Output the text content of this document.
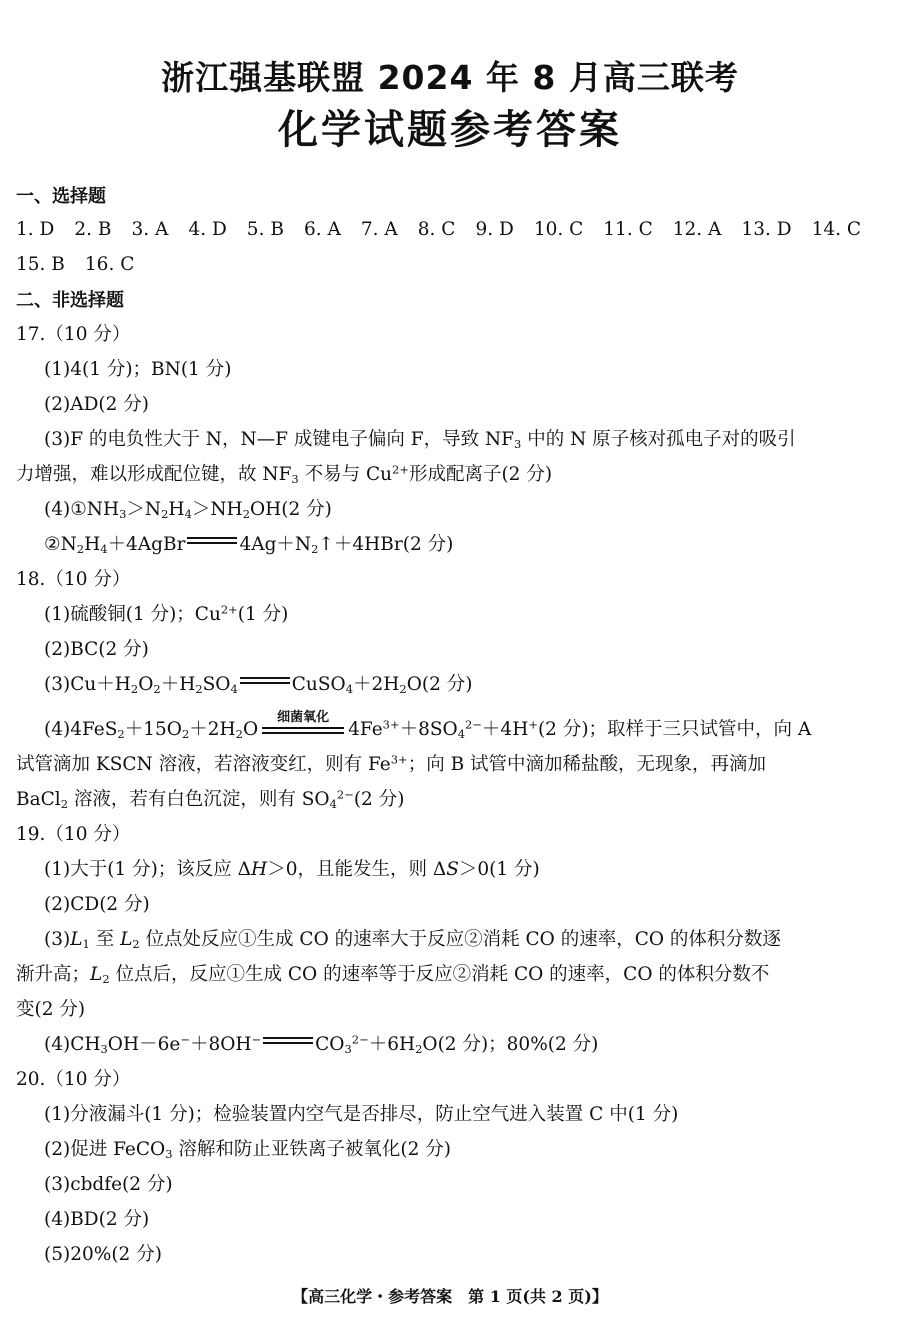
浙江强基联盟 2024 年 8 月高三联考
化学试题参考答案
一、选择题
1. D 2. B 3. A 4. D 5. B 6. A 7. A 8. C 9. D 10. C 11. C 12. A 13. D 14. C
15. B 16. C
二、非选择题
17.（10 分）
(1)4(1 分)；BN(1 分)
(2)AD(2 分)
(3)F 的电负性大于 N，N—F 成键电子偏向 F，导致 $NF_3$ 中的 N 原子核对孤电子对的吸引
力增强，难以形成配位键，故 $NF_3$ 不易与 $Cu^{2+}$形成配离子(2 分)
$(4)①NH_3>N_2H_4>NH_2OH(2$ 分)
$②N_2H_4+4AgBr$	$4Ag+N_2↑+4HBr(2$ 分)
18.（10 分）
(1)硫酸铜(1 分)；$Cu^{2+}(1$ 分)
(2)BC(2 分)
$(3)Cu+H_2O_2+H_2SO_4$	$CuSO_4+2H_2O(2$ 分)
$(4)4FeS_2+15O_2+2H_2O$
细菌氧化
$4Fe^{3+}+8SO_4^{2-}+4H^+(2$ 分)；取样于三只试管中，向 A
试管滴加 KSCN 溶液，若溶液变红，则有 $Fe^{3+}$；向 B 试管中滴加稀盐酸，无现象，再滴加
BaCl$_2$ 溶液，若有白色沉淀，则有 $SO_4^{2-}(2$ 分)
19.（10 分）
(1)大于(1 分)；该反应 ΔH＞0，且能发生，则 ΔS＞0(1 分)
(2)CD(2 分)
$(3)L_1$ 至 $L_2$ 位点处反应①生成 CO 的速率大于反应②消耗 CO 的速率，CO 的体积分数逐
渐升高；$L_2$ 位点后，反应①生成 CO 的速率等于反应②消耗 CO 的速率，CO 的体积分数不
变(2 分)
$(4)CH_3OH-6e^-+8OH^-$	$CO_3^{2-}+6H_2O(2$ 分)；80%(2 分)
20.（10 分）
(1)分液漏斗(1 分)；检验装置内空气是否排尽，防止空气进入装置 C 中(1 分)
(2)促进 FeCO$_3$ 溶解和防止亚铁离子被氧化(2 分)
(3)cbdfe(2 分)
(4)BD(2 分)
(5)20%(2 分)
【高三化学・参考答案　第 1 页(共 2 页)】
